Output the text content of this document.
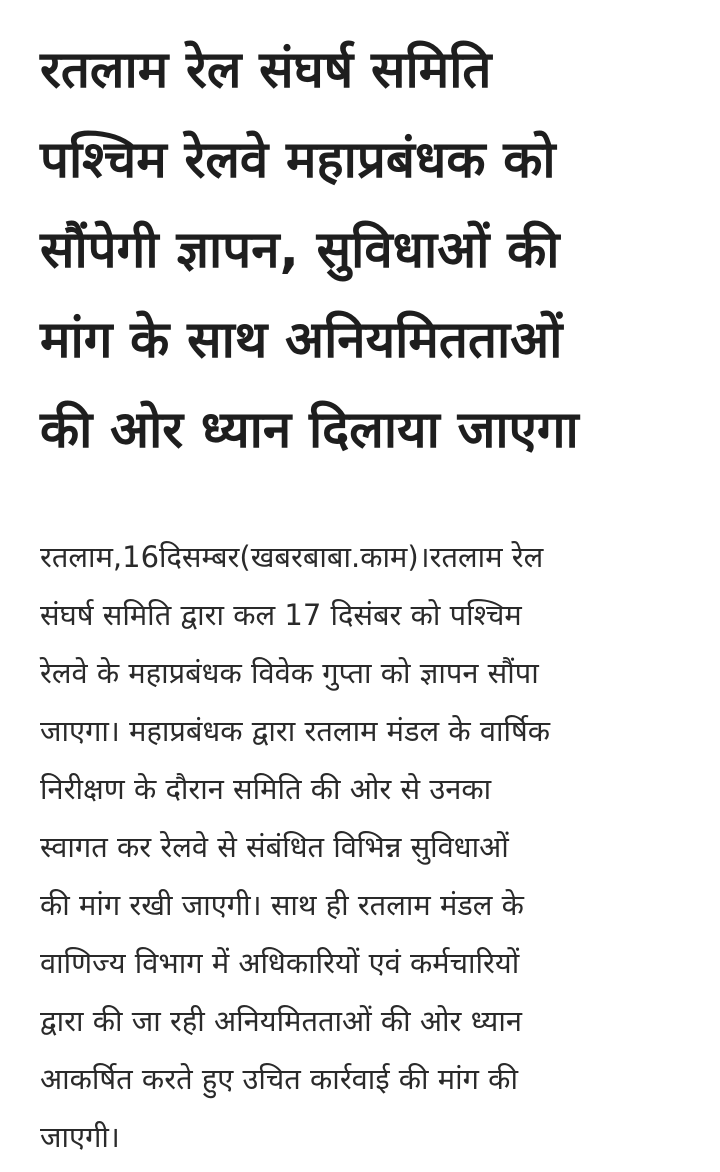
रतलाम रेल संघर्ष समिति
पश्चिम रेलवे महाप्रबंधक को
सौंपेगी ज्ञापन, सुविधाओं की
मांग के साथ अनियमितताओं
की ओर ध्यान दिलाया जाएगा

रतलाम,16दिसम्बर(खबरबाबा.काम)।रतलाम रेल
संघर्ष समिति द्वारा कल 17 दिसंबर को पश्चिम
रेलवे के महाप्रबंधक विवेक गुप्ता को ज्ञापन सौंपा
जाएगा। महाप्रबंधक द्वारा रतलाम मंडल के वार्षिक
निरीक्षण के दौरान समिति की ओर से उनका
स्वागत कर रेलवे से संबंधित विभिन्न सुविधाओं
की मांग रखी जाएगी। साथ ही रतलाम मंडल के
वाणिज्य विभाग में अधिकारियों एवं कर्मचारियों
द्वारा की जा रही अनियमितताओं की ओर ध्यान
आकर्षित करते हुए उचित कार्रवाई की मांग की
जाएगी।
